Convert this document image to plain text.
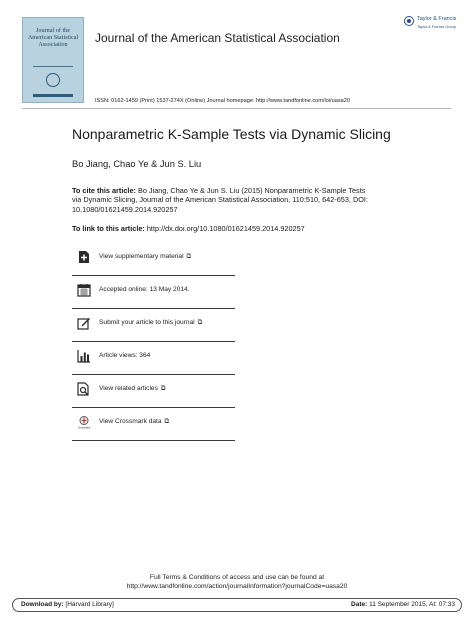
Journal of the American Statistical Association	Journal of the American Statistical Association
Taylor & Francis
Taylor & Francis Group
ISSN: 0162-1459 (Print) 1537-274X (Online) Journal homepage: http://www.tandfonline.com/loi/uasa20
Nonparametric K-Sample Tests via Dynamic Slicing
Bo Jiang, Chao Ye & Jun S. Liu
To cite this article: Bo Jiang, Chao Ye & Jun S. Liu (2015) Nonparametric K-Sample Tests via Dynamic Slicing, Journal of the American Statistical Association, 110:510, 642-653, DOI: 10.1080/01621459.2014.920257
To link to this article: http://dx.doi.org/10.1080/01621459.2014.920257
View supplementary material ⧉
Accepted online: 13 May 2014.
Submit your article to this journal ⧉
Article views: 364
View related articles ⧉
CrossMark
View Crossmark data ⧉
Full Terms & Conditions of access and use can be found at
http://www.tandfonline.com/action/journalInformation?journalCode=uasa20
Download by: [Harvard Library]	Date: 11 September 2015, At: 07:33
